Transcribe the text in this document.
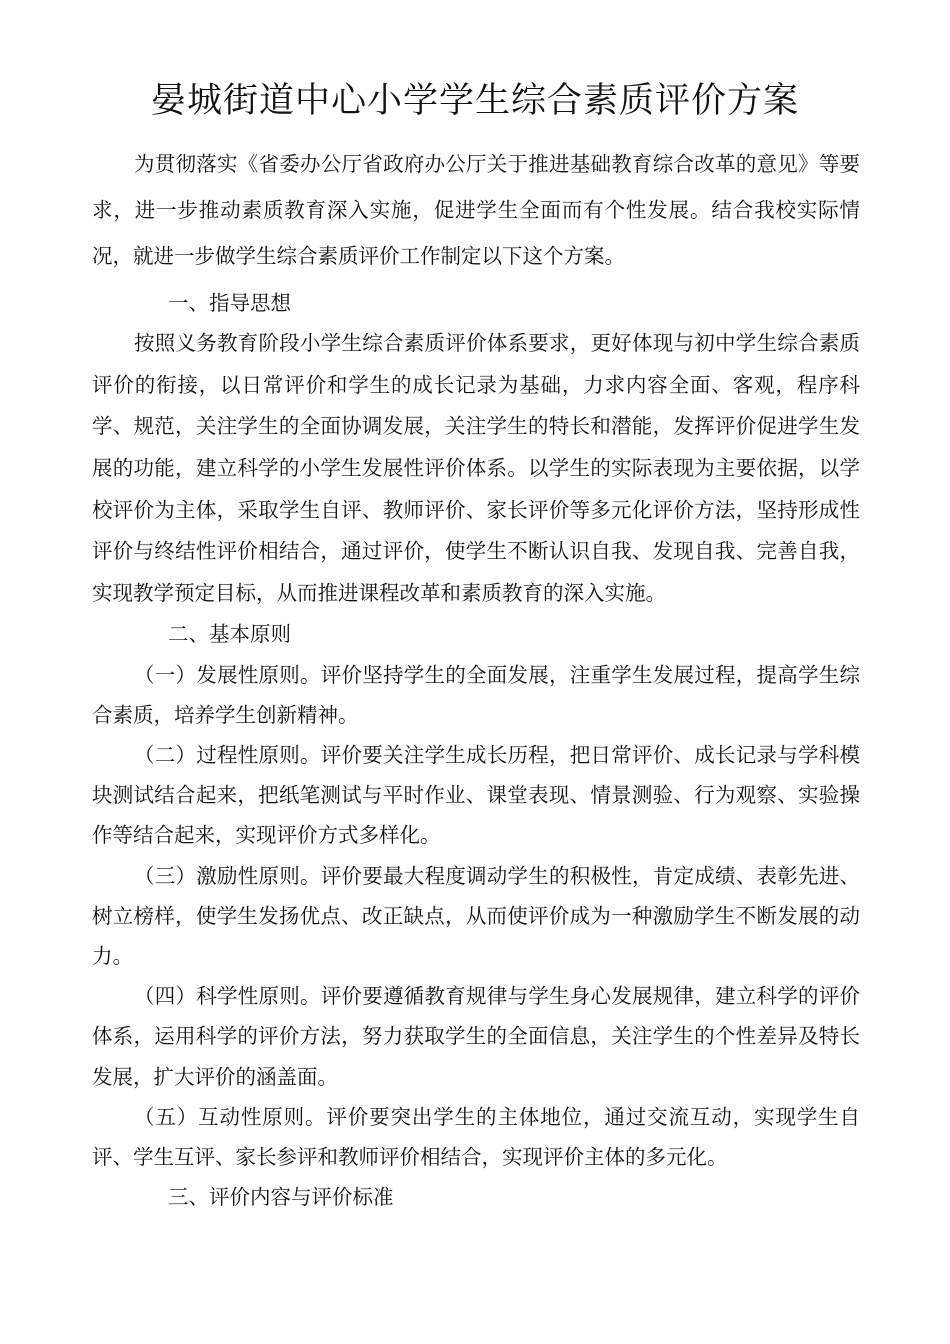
晏城街道中心小学学生综合素质评价方案

为贯彻落实《省委办公厅省政府办公厅关于推进基础教育综合改革的意见》等要求，进一步推动素质教育深入实施，促进学生全面而有个性发展。结合我校实际情况，就进一步做学生综合素质评价工作制定以下这个方案。

一、指导思想

按照义务教育阶段小学生综合素质评价体系要求，更好体现与初中学生综合素质评价的衔接，以日常评价和学生的成长记录为基础，力求内容全面、客观，程序科学、规范，关注学生的全面协调发展，关注学生的特长和潜能，发挥评价促进学生发展的功能，建立科学的小学生发展性评价体系。以学生的实际表现为主要依据，以学校评价为主体，采取学生自评、教师评价、家长评价等多元化评价方法，坚持形成性评价与终结性评价相结合，通过评价，使学生不断认识自我、发现自我、完善自我，实现教学预定目标，从而推进课程改革和素质教育的深入实施。

二、基本原则

（一）发展性原则。评价坚持学生的全面发展，注重学生发展过程，提高学生综合素质，培养学生创新精神。

（二）过程性原则。评价要关注学生成长历程，把日常评价、成长记录与学科模块测试结合起来，把纸笔测试与平时作业、课堂表现、情景测验、行为观察、实验操作等结合起来，实现评价方式多样化。

（三）激励性原则。评价要最大程度调动学生的积极性，肯定成绩、表彰先进、树立榜样，使学生发扬优点、改正缺点，从而使评价成为一种激励学生不断发展的动力。

（四）科学性原则。评价要遵循教育规律与学生身心发展规律，建立科学的评价体系，运用科学的评价方法，努力获取学生的全面信息，关注学生的个性差异及特长发展，扩大评价的涵盖面。

（五）互动性原则。评价要突出学生的主体地位，通过交流互动，实现学生自评、学生互评、家长参评和教师评价相结合，实现评价主体的多元化。

三、评价内容与评价标准
